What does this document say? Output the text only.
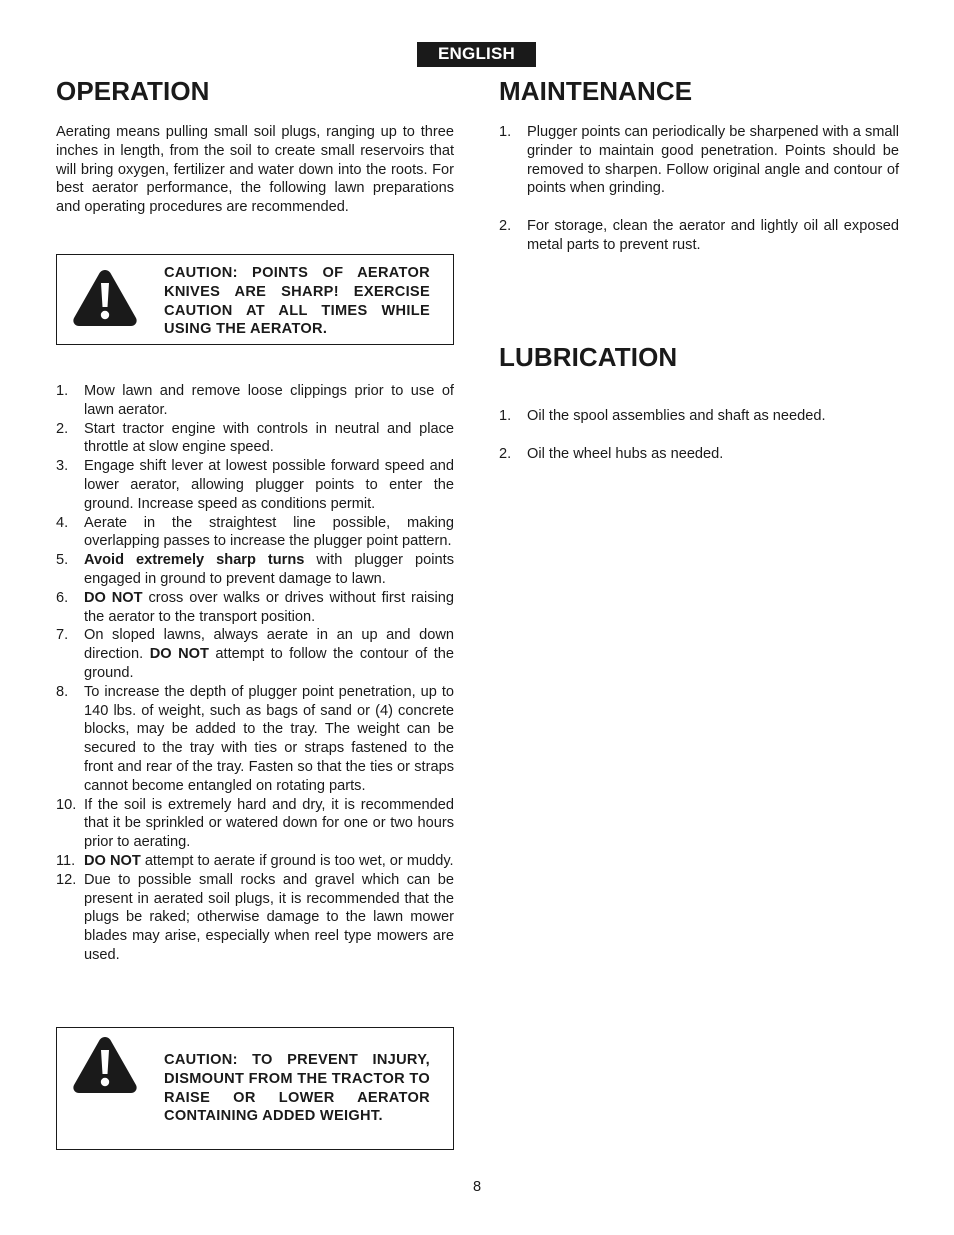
ENGLISH
OPERATION

Aerating means pulling small soil plugs, ranging up to three inches in length, from the soil to create small reservoirs that will bring oxygen, fertilizer and water down into the roots. For best aerator performance, the following lawn preparations and operating procedures are recommended.

CAUTION: POINTS OF AERATOR KNIVES ARE SHARP! EXERCISE CAUTION AT ALL TIMES WHILE USING THE AERATOR.
1. Mow lawn and remove loose clippings prior to use of lawn aerator.
2. Start tractor engine with controls in neutral and place throttle at slow engine speed.
3. Engage shift lever at lowest possible forward speed and lower aerator, allowing plugger points to enter the ground. Increase speed as conditions permit.
4. Aerate in the straightest line possible, making overlapping passes to increase the plugger point pattern.
5. Avoid extremely sharp turns with plugger points engaged in ground to prevent damage to lawn.
6. DO NOT cross over walks or drives without first raising the aerator to the transport position.
7. On sloped lawns, always aerate in an up and down direction. DO NOT attempt to follow the contour of the ground.
8. To increase the depth of plugger point penetration, up to 140 lbs. of weight, such as bags of sand or (4) concrete blocks, may be added to the tray. The weight can be secured to the tray with ties or straps fastened to the front and rear of the tray. Fasten so that the ties or straps cannot become entangled on rotating parts.
10. If the soil is extremely hard and dry, it is recommended that it be sprinkled or watered down for one or two hours prior to aerating.
11. DO NOT attempt to aerate if ground is too wet, or muddy.
12. Due to possible small rocks and gravel which can be present in aerated soil plugs, it is recommended that the plugs be raked; otherwise damage to the lawn mower blades may arise, especially when reel type mowers are used.
CAUTION: TO PREVENT INJURY, DISMOUNT FROM THE TRACTOR TO RAISE OR LOWER AERATOR CONTAINING ADDED WEIGHT.
MAINTENANCE
1. Plugger points can periodically be sharpened with a small grinder to maintain good penetration. Points should be removed to sharpen. Follow original angle and contour of points when grinding.
2. For storage, clean the aerator and lightly oil all exposed metal parts to prevent rust.
LUBRICATION
1. Oil the spool assemblies and shaft as needed.
2. Oil the wheel hubs as needed.
8
